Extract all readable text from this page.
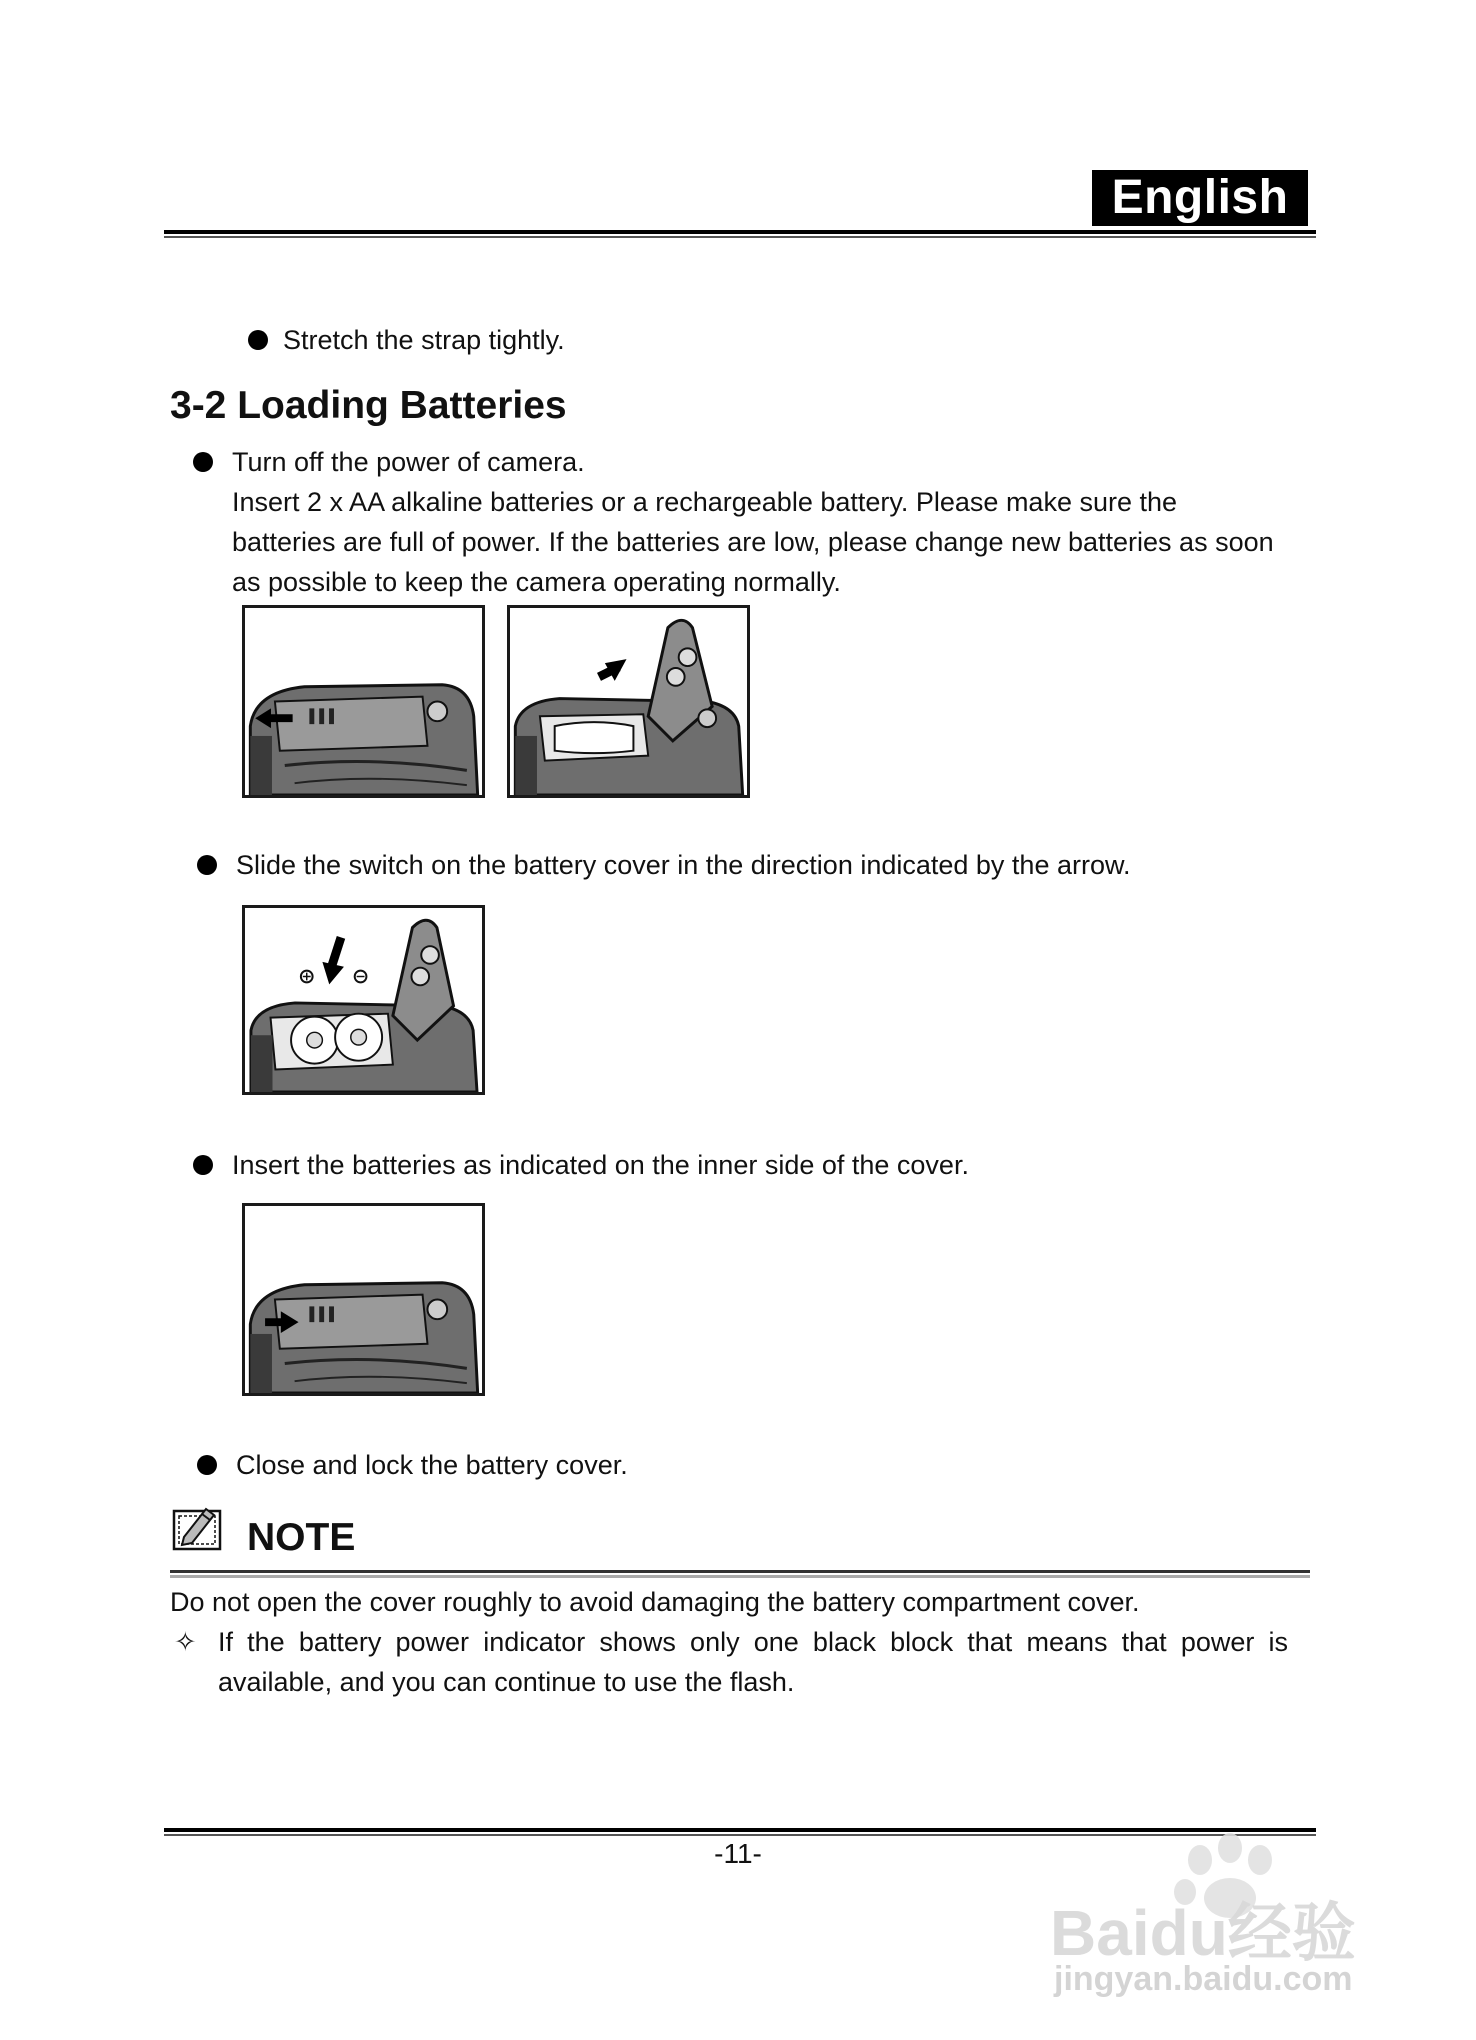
English
Stretch the strap tightly.
3-2 Loading Batteries
Turn off the power of camera.
Insert 2 x AA alkaline batteries or a rechargeable battery. Please make sure the
batteries are full of power. If the batteries are low, please change new batteries as soon
as possible to keep the camera operating normally.
Slide the switch on the battery cover in the direction indicated by the arrow.
Insert the batteries as indicated on the inner side of the cover.
Close and lock the battery cover.
NOTE
Do not open the cover roughly to avoid damaging the battery compartment cover.
✧ If the battery power indicator shows only one black block that means that power is
available, and you can continue to use the flash.
-11-
Baidu经验
jingyan.baidu.com
